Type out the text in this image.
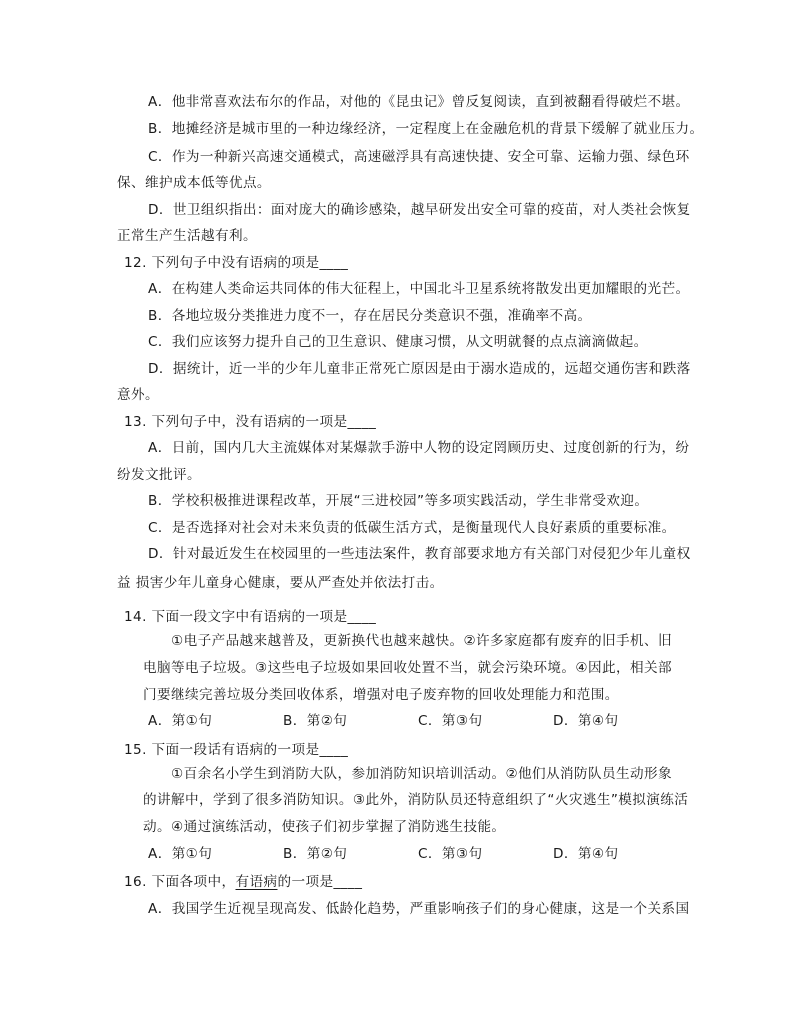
A．他非常喜欢法布尔的作品，对他的《昆虫记》曾反复阅读，直到被翻看得破烂不堪。
B．地摊经济是城市里的一种边缘经济，一定程度上在金融危机的背景下缓解了就业压力。
C．作为一种新兴高速交通模式，高速磁浮具有高速快捷、安全可靠、运输力强、绿色环
保、维护成本低等优点。
D．世卫组织指出：面对庞大的确诊感染，越早研发出安全可靠的疫苗，对人类社会恢复
正常生产生活越有利。
12. 下列句子中没有语病的项是____
A．在构建人类命运共同体的伟大征程上，中国北斗卫星系统将散发出更加耀眼的光芒。
B．各地垃圾分类推进力度不一，存在居民分类意识不强，准确率不高。
C．我们应该努力提升自己的卫生意识、健康习惯，从文明就餐的点点滴滴做起。
D．据统计，近一半的少年儿童非正常死亡原因是由于溺水造成的，远超交通伤害和跌落
意外。
13. 下列句子中，没有语病的一项是____
A．日前，国内几大主流媒体对某爆款手游中人物的设定罔顾历史、过度创新的行为，纷
纷发文批评。
B．学校积极推进课程改革，开展“三进校园”等多项实践活动，学生非常受欢迎。
C．是否选择对社会对未来负责的低碳生活方式，是衡量现代人良好素质的重要标准。
D．针对最近发生在校园里的一些违法案件，教育部要求地方有关部门对侵犯少年儿童权
益 损害少年儿童身心健康，要从严查处并依法打击。
14. 下面一段文字中有语病的一项是____
①电子产品越来越普及，更新换代也越来越快。②许多家庭都有废弃的旧手机、旧
电脑等电子垃圾。③这些电子垃圾如果回收处置不当，就会污染环境。④因此，相关部
门要继续完善垃圾分类回收体系，增强对电子废弃物的回收处理能力和范围。
A．第①句	B．第②句	C．第③句	D．第④句
15. 下面一段话有语病的一项是____
①百余名小学生到消防大队，参加消防知识培训活动。②他们从消防队员生动形象
的讲解中，学到了很多消防知识。③此外，消防队员还特意组织了“火灾逃生”模拟演练活
动。④通过演练活动，使孩子们初步掌握了消防逃生技能。
A．第①句	B．第②句	C．第③句	D．第④句
16. 下面各项中，有语病的一项是____
A．我国学生近视呈现高发、低龄化趋势，严重影响孩子们的身心健康，这是一个关系国
